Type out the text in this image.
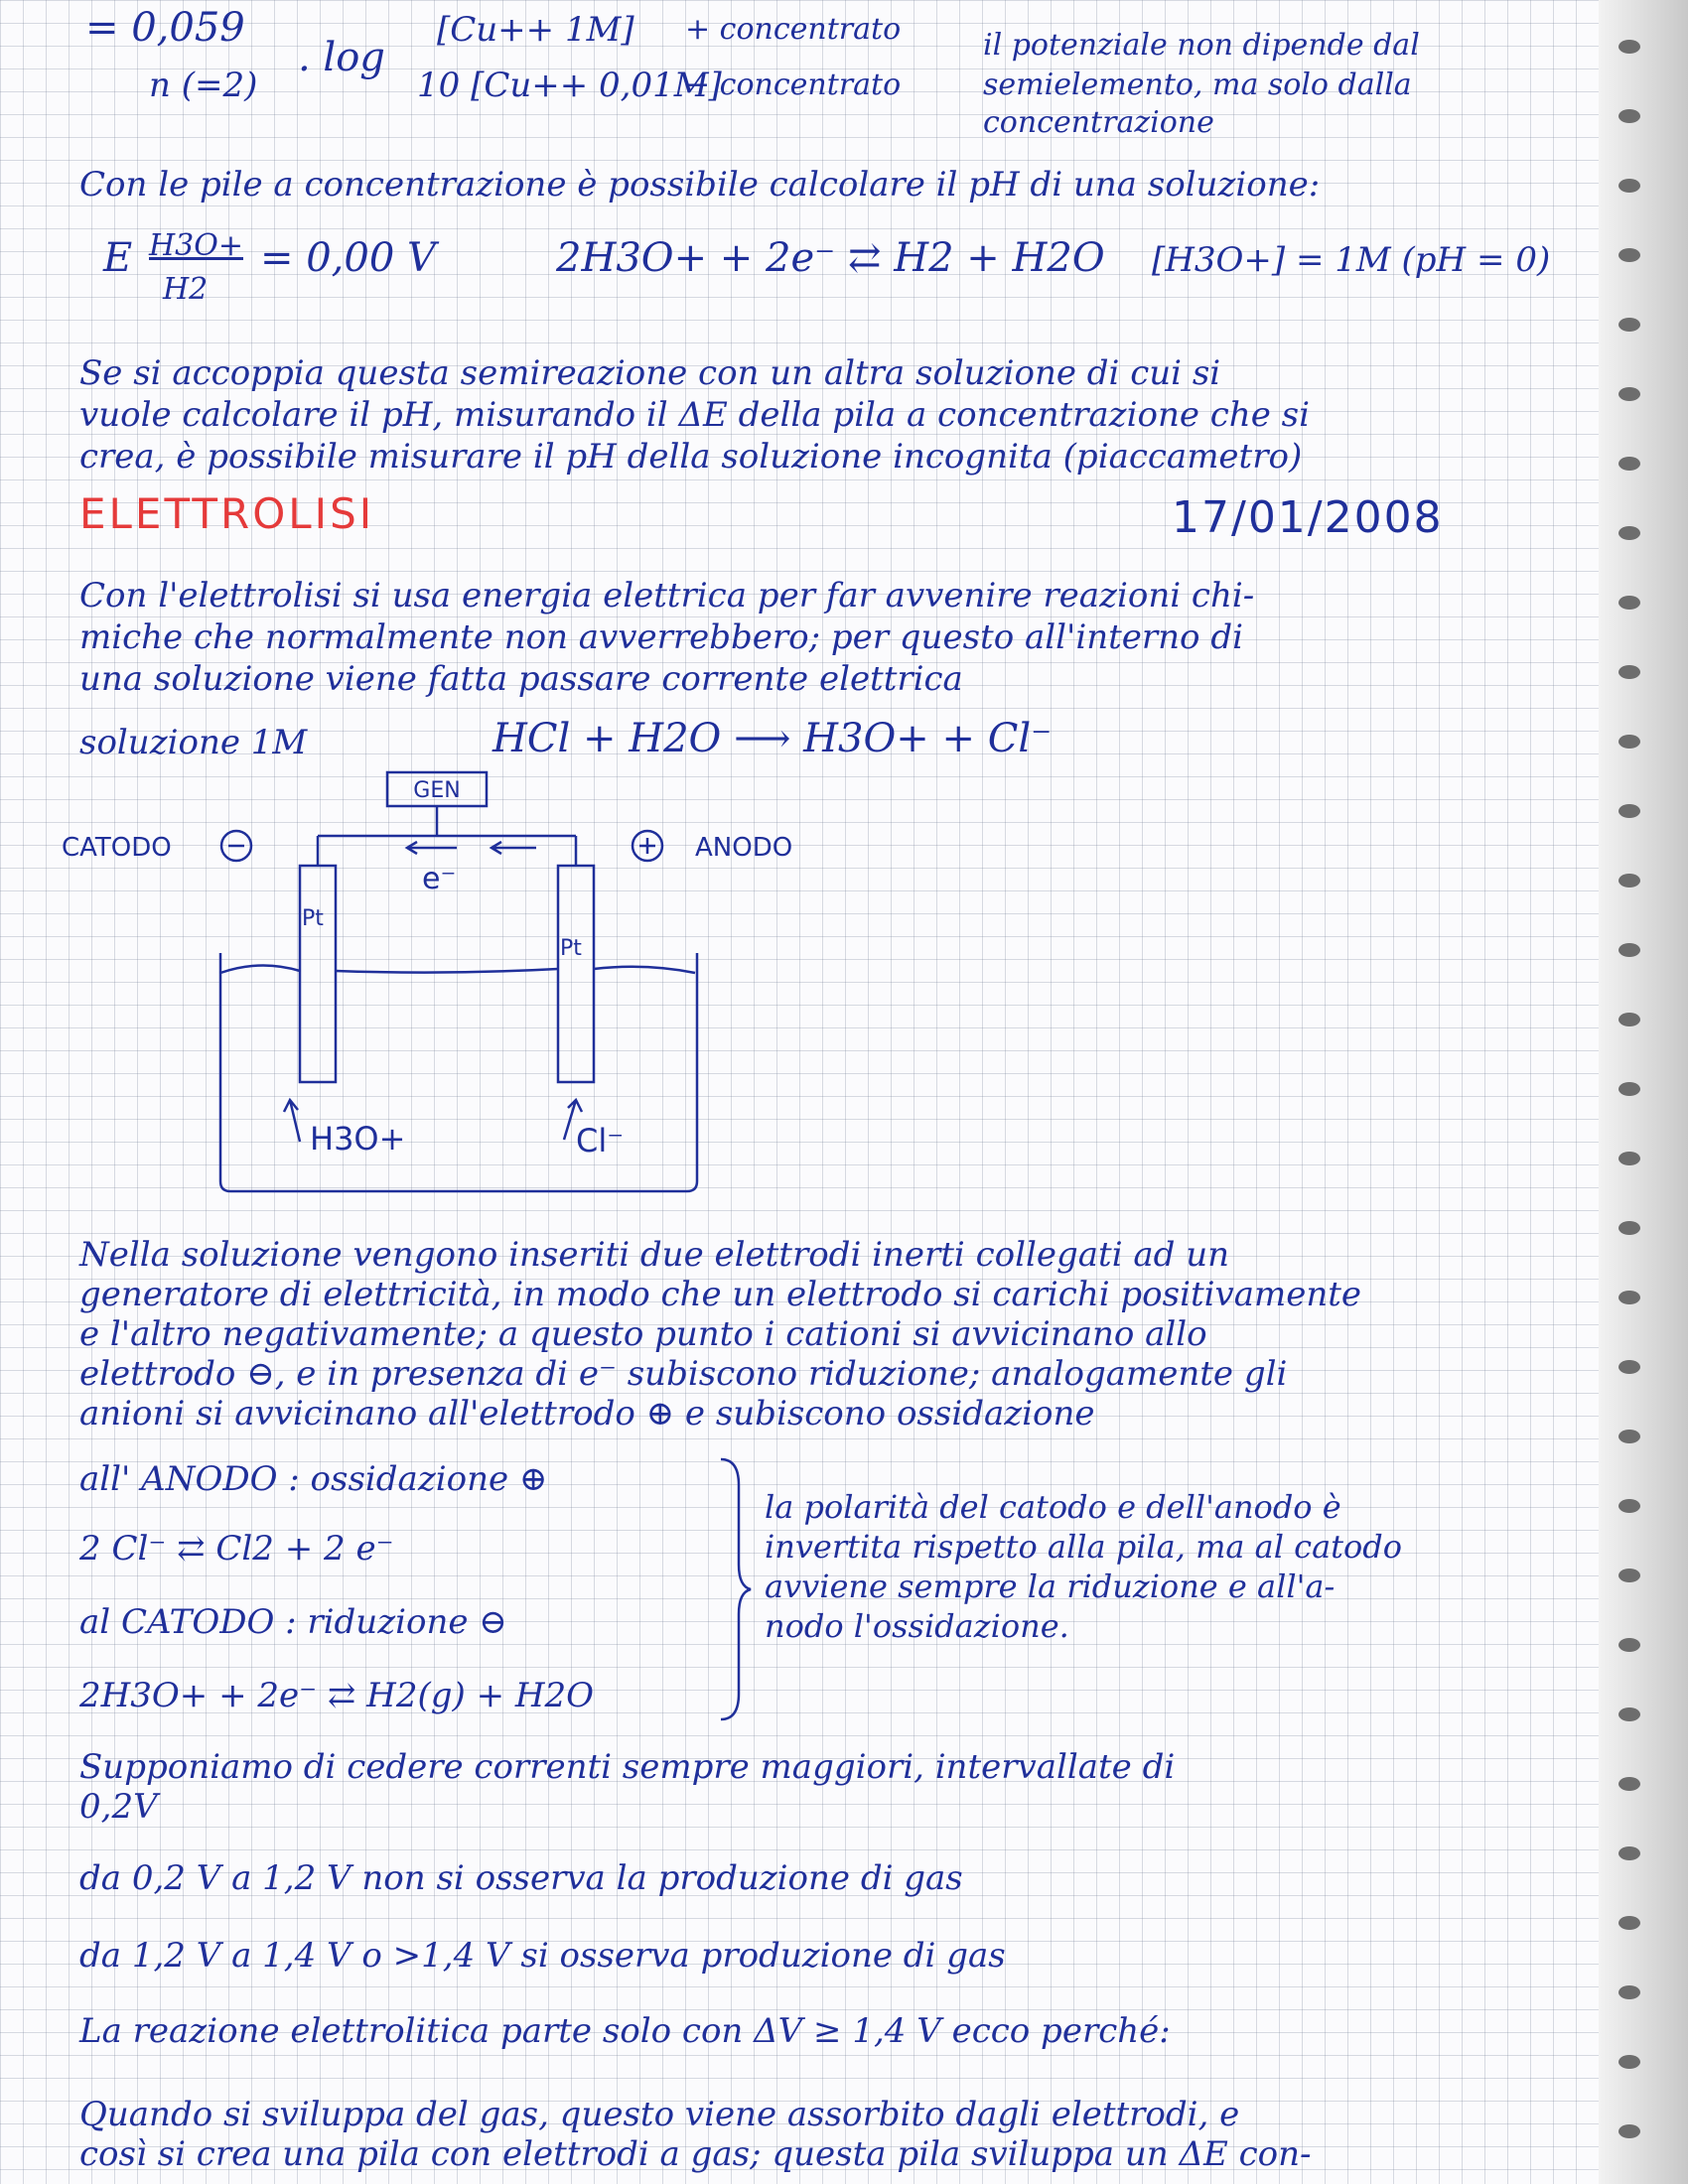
= 0,059
n (=2)
. log
[Cu++ 1M]
10 [Cu++ 0,01M]
+ concentrato
− concentrato
il potenziale non dipende dal
semielemento, ma solo dalla
concentrazione
Con le pile a concentrazione è possibile calcolare il pH di una soluzione:
E H3O+
H2
= 0,00 V	2H3O+ + 2e⁻ ⇄ H2 + H2O [H3O+] = 1M (pH = 0)
Se si accoppia questa semireazione con un altra soluzione di cui si
vuole calcolare il pH, misurando il ΔE della pila a concentrazione che si
crea, è possibile misurare il pH della soluzione incognita (piaccametro)
ELETTROLISI	17/01/2008
Con l'elettrolisi si usa energia elettrica per far avvenire reazioni chi-
miche che normalmente non avverrebbero; per questo all'interno di
una soluzione viene fatta passare corrente elettrica
soluzione 1M	HCl + H2O ⟶ H3O+ + Cl⁻
GEN
e⁻
CATODO	ANODO
Pt
Pt
H3O+	Cl⁻
Nella soluzione vengono inseriti due elettrodi inerti collegati ad un
generatore di elettricità, in modo che un elettrodo si carichi positivamente
e l'altro negativamente; a questo punto i cationi si avvicinano allo
elettrodo ⊖, e in presenza di e⁻ subiscono riduzione; analogamente gli
anioni si avvicinano all'elettrodo ⊕ e subiscono ossidazione
all' ANODO : ossidazione ⊕
2 Cl⁻ ⇄ Cl2 + 2 e⁻
al CATODO : riduzione ⊖
2H3O+ + 2e⁻ ⇄ H2(g) + H2O
la polarità del catodo e dell'anodo è
invertita rispetto alla pila, ma al catodo
avviene sempre la riduzione e all'a-
nodo l'ossidazione.
Supponiamo di cedere correnti sempre maggiori, intervallate di
0,2V
da 0,2 V a 1,2 V non si osserva la produzione di gas
da 1,2 V a 1,4 V o >1,4 V si osserva produzione di gas
La reazione elettrolitica parte solo con ΔV ≥ 1,4 V ecco perché:
Quando si sviluppa del gas, questo viene assorbito dagli elettrodi, e
così si crea una pila con elettrodi a gas; questa pila sviluppa un ΔE con-
